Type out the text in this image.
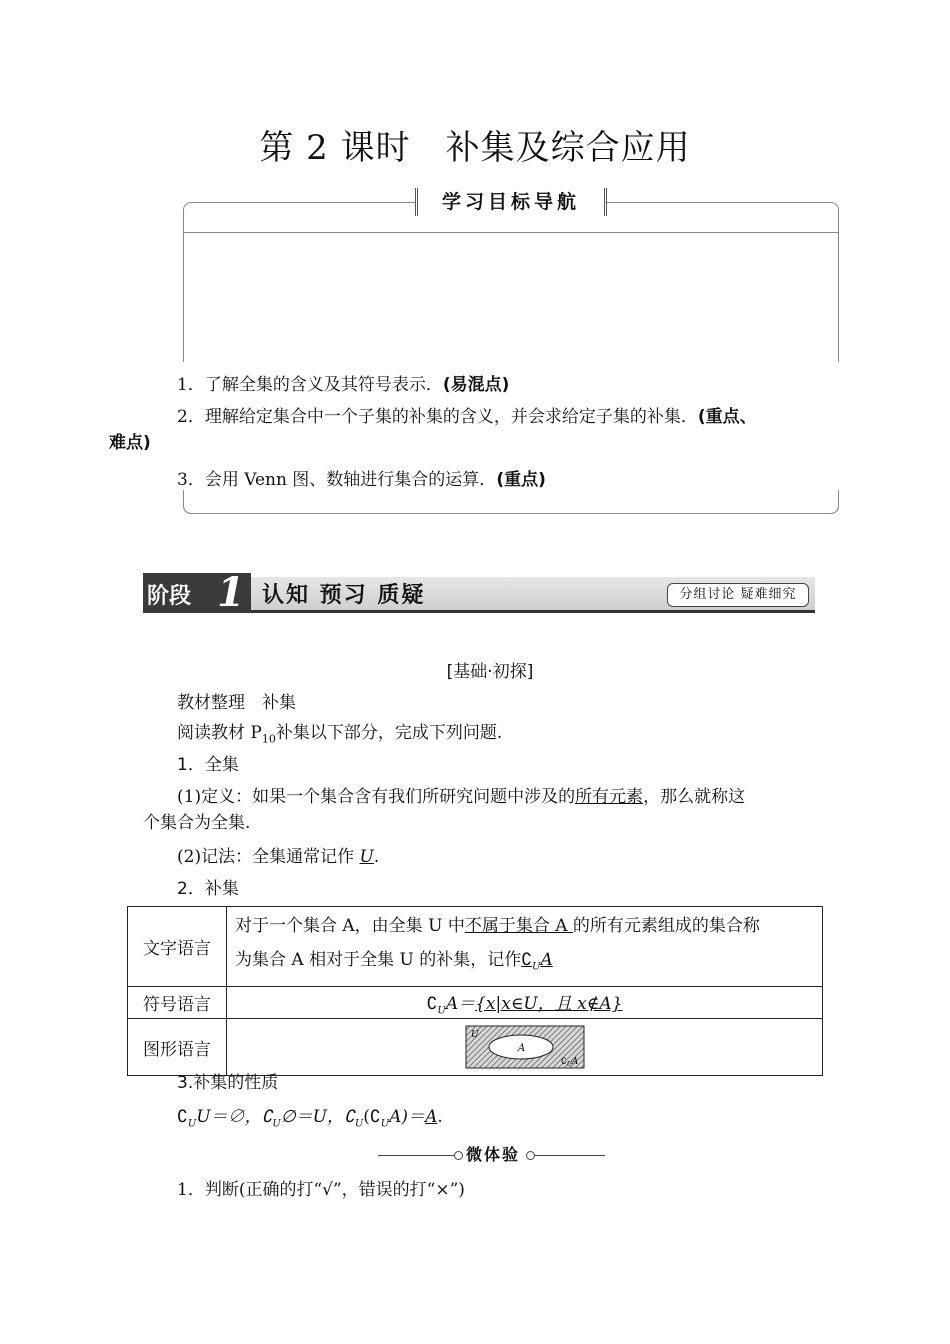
第 2 课时　补集及综合应用
学习目标导航
1．了解全集的含义及其符号表示．(易混点)
2．理解给定集合中一个子集的补集的含义，并会求给定子集的补集．(重点、
难点)
3．会用 Venn 图、数轴进行集合的运算．(重点)
阶段 1 认知 预习 质疑	分组讨论 疑难细究
[基础·初探]
教材整理　补集
阅读教材 $P_{10}$补集以下部分，完成下列问题.
1．全集
(1)定义：如果一个集合含有我们所研究问题中涉及的所有元素，那么就称这
个集合为全集.
(2)记法：全集通常记作 U.
2．补集
文字语言	对于一个集合 A，由全集 U 中不属于集合 A 的所有元素组成的集合称
为集合 A 相对于全集 U 的补集，记作$∁_UA$
符号语言	$∁_UA=\{x|x\in U$，且 x∉A}
图形语言	U
A
$∁_UA$
3.补集的性质
$∁_UU=\emptyset$，$∁_U\emptyset=U$，$∁_U(∁_UA)=A$.
微体验
1．判断(正确的打“√”，错误的打“×”)
